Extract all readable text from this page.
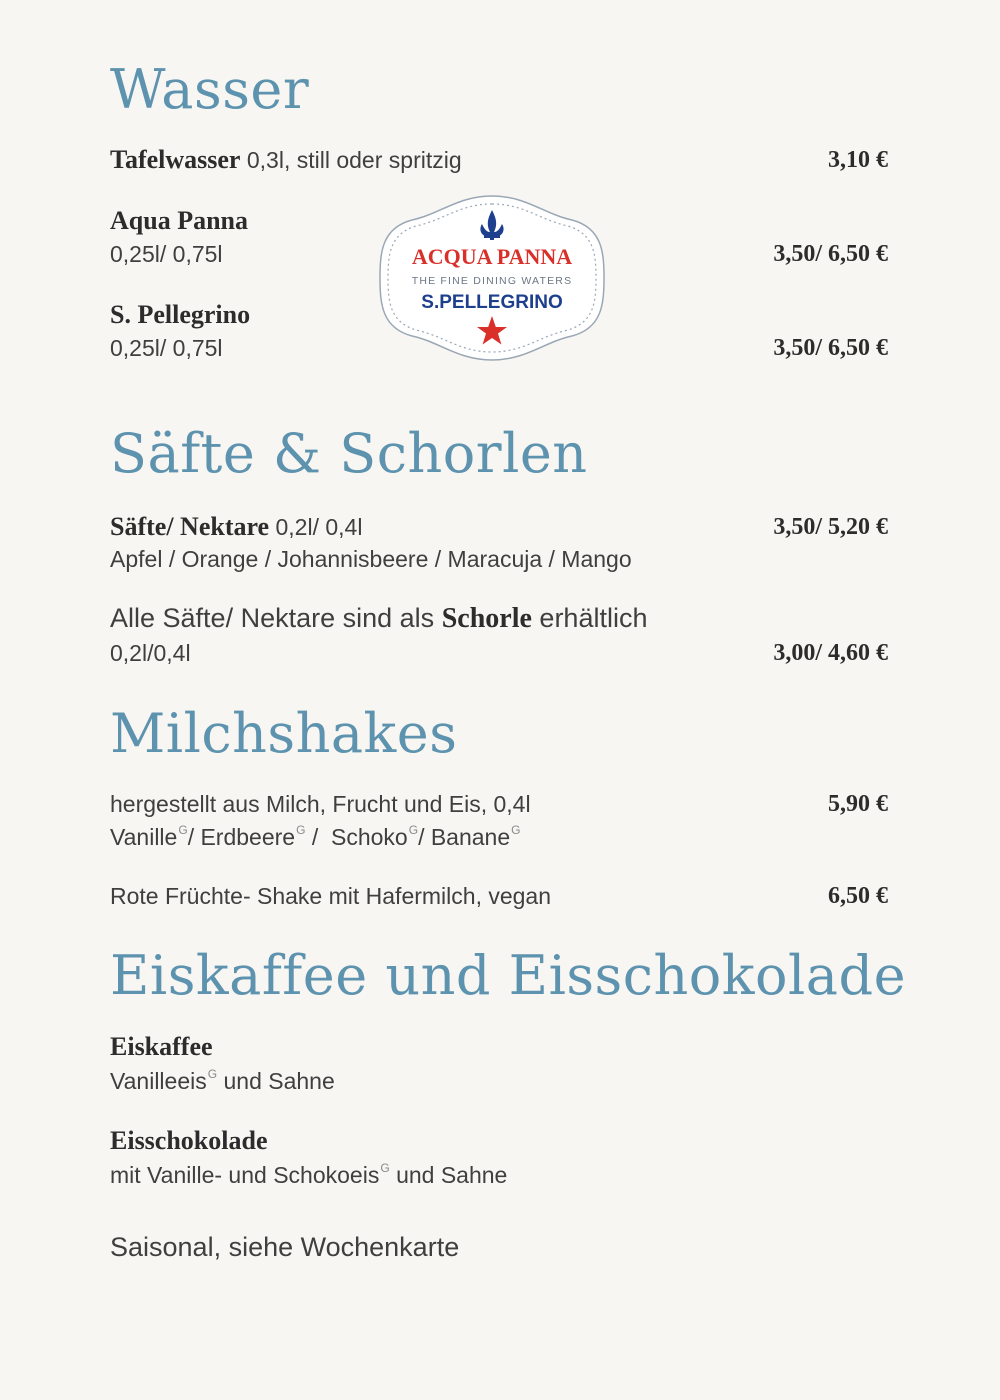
Wasser
Tafelwasser 0,3l, still oder spritzig	3,10 €
Aqua Panna
0,25l/ 0,75l	3,50/ 6,50 €
S. Pellegrino
0,25l/ 0,75l	3,50/ 6,50 €
ACQUA PANNA
THE FINE DINING WATERS
S.PELLEGRINO
Säfte & Schorlen
Säfte/ Nektare 0,2l/ 0,4l	3,50/ 5,20 €
Apfel / Orange / Johannisbeere / Maracuja / Mango
Alle Säfte/ Nektare sind als Schorle erhältlich
0,2l/0,4l	3,00/ 4,60 €
Milchshakes
hergestellt aus Milch, Frucht und Eis, 0,4l	5,90 €
Vanille$^G$/ Erdbeere$^G$ /  Schoko$^G$/ Banane$^G$
Rote Früchte- Shake mit Hafermilch, vegan	6,50 €
Eiskaffee und Eisschokolade
Eiskaffee
Vanilleeis$^G$ und Sahne
Eisschokolade
mit Vanille- und Schokoeis$^G$ und Sahne
Saisonal, siehe Wochenkarte
